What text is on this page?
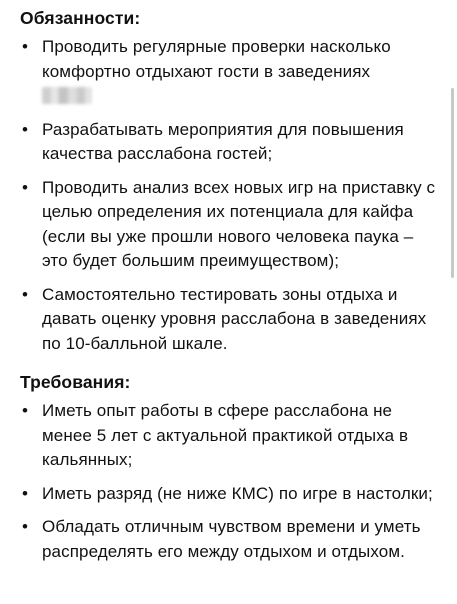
Обязанности:
• Проводить регулярные проверки насколько комфортно отдыхают гости в заведениях

• Разрабатывать мероприятия для повышения качества расслабона гостей;
• Проводить анализ всех новых игр на приставку с целью определения их потенциала для кайфа (если вы уже прошли нового человека паука – это будет большим преимуществом);
• Самостоятельно тестировать зоны отдыха и давать оценку уровня расслабона в заведениях по 10-балльной шкале.
Требования:
• Иметь опыт работы в сфере расслабона не менее 5 лет с актуальной практикой отдыха в кальянных;
• Иметь разряд (не ниже КМС) по игре в настолки;
• Обладать отличным чувством времени и уметь распределять его между отдыхом и отдыхом.
